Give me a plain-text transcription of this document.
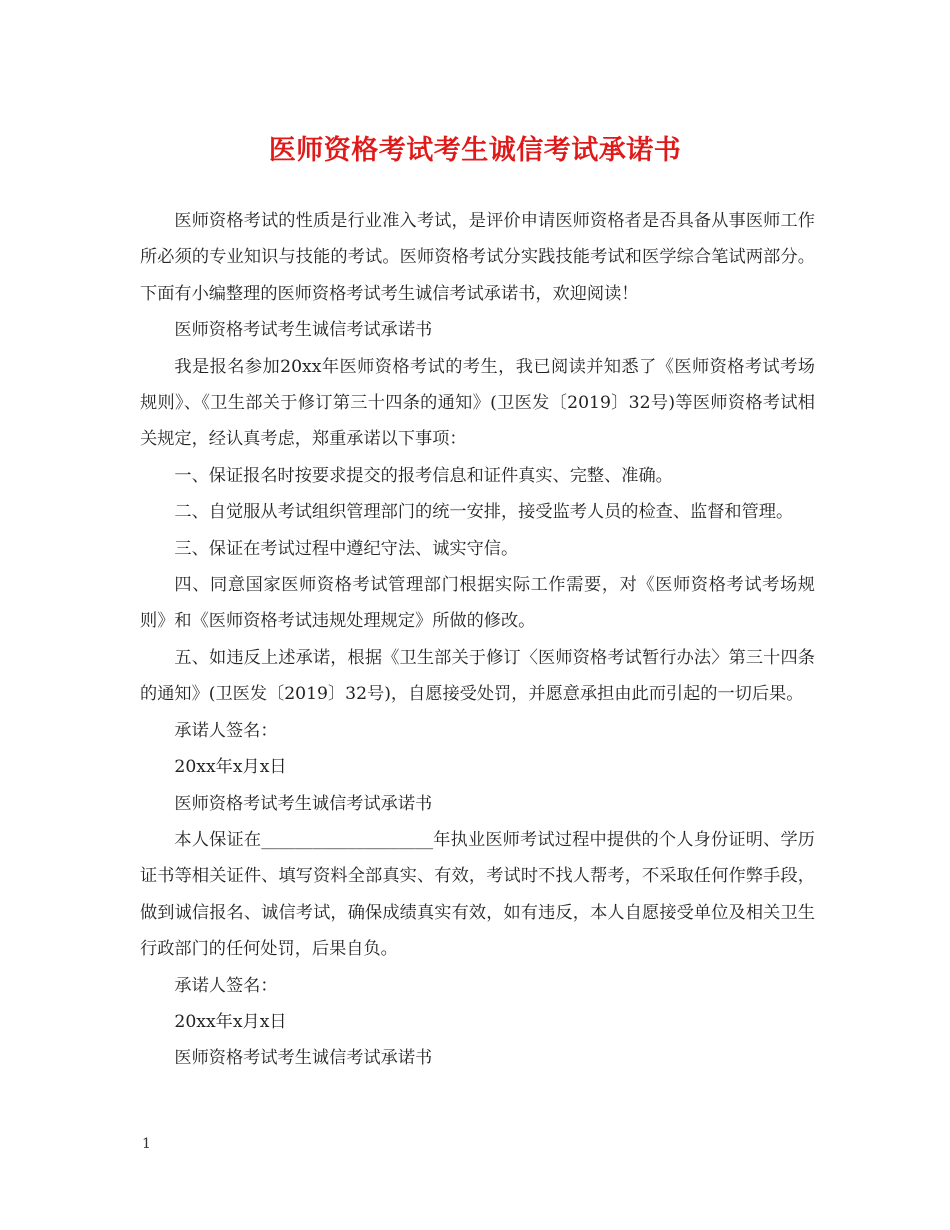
医师资格考试考生诚信考试承诺书

医师资格考试的性质是行业准入考试，是评价申请医师资格者是否具备从事医师工作所必须的专业知识与技能的考试。医师资格考试分实践技能考试和医学综合笔试两部分。下面有小编整理的医师资格考试考生诚信考试承诺书，欢迎阅读！

医师资格考试考生诚信考试承诺书

我是报名参加20xx年医师资格考试的考生，我已阅读并知悉了《医师资格考试考场规则》、《卫生部关于修订第三十四条的通知》(卫医发〔2019〕32号)等医师资格考试相关规定，经认真考虑，郑重承诺以下事项：

一、保证报名时按要求提交的报考信息和证件真实、完整、准确。

二、自觉服从考试组织管理部门的统一安排，接受监考人员的检查、监督和管理。

三、保证在考试过程中遵纪守法、诚实守信。

四、同意国家医师资格考试管理部门根据实际工作需要，对《医师资格考试考场规则》和《医师资格考试违规处理规定》所做的修改。

五、如违反上述承诺，根据《卫生部关于修订〈医师资格考试暂行办法〉第三十四条的通知》(卫医发〔2019〕32号)，自愿接受处罚，并愿意承担由此而引起的一切后果。

承诺人签名：

20xx年x月x日

医师资格考试考生诚信考试承诺书

本人保证在____________________年执业医师考试过程中提供的个人身份证明、学历证书等相关证件、填写资料全部真实、有效，考试时不找人帮考，不采取任何作弊手段，做到诚信报名、诚信考试，确保成绩真实有效，如有违反，本人自愿接受单位及相关卫生行政部门的任何处罚，后果自负。

承诺人签名：

20xx年x月x日

医师资格考试考生诚信考试承诺书

1
